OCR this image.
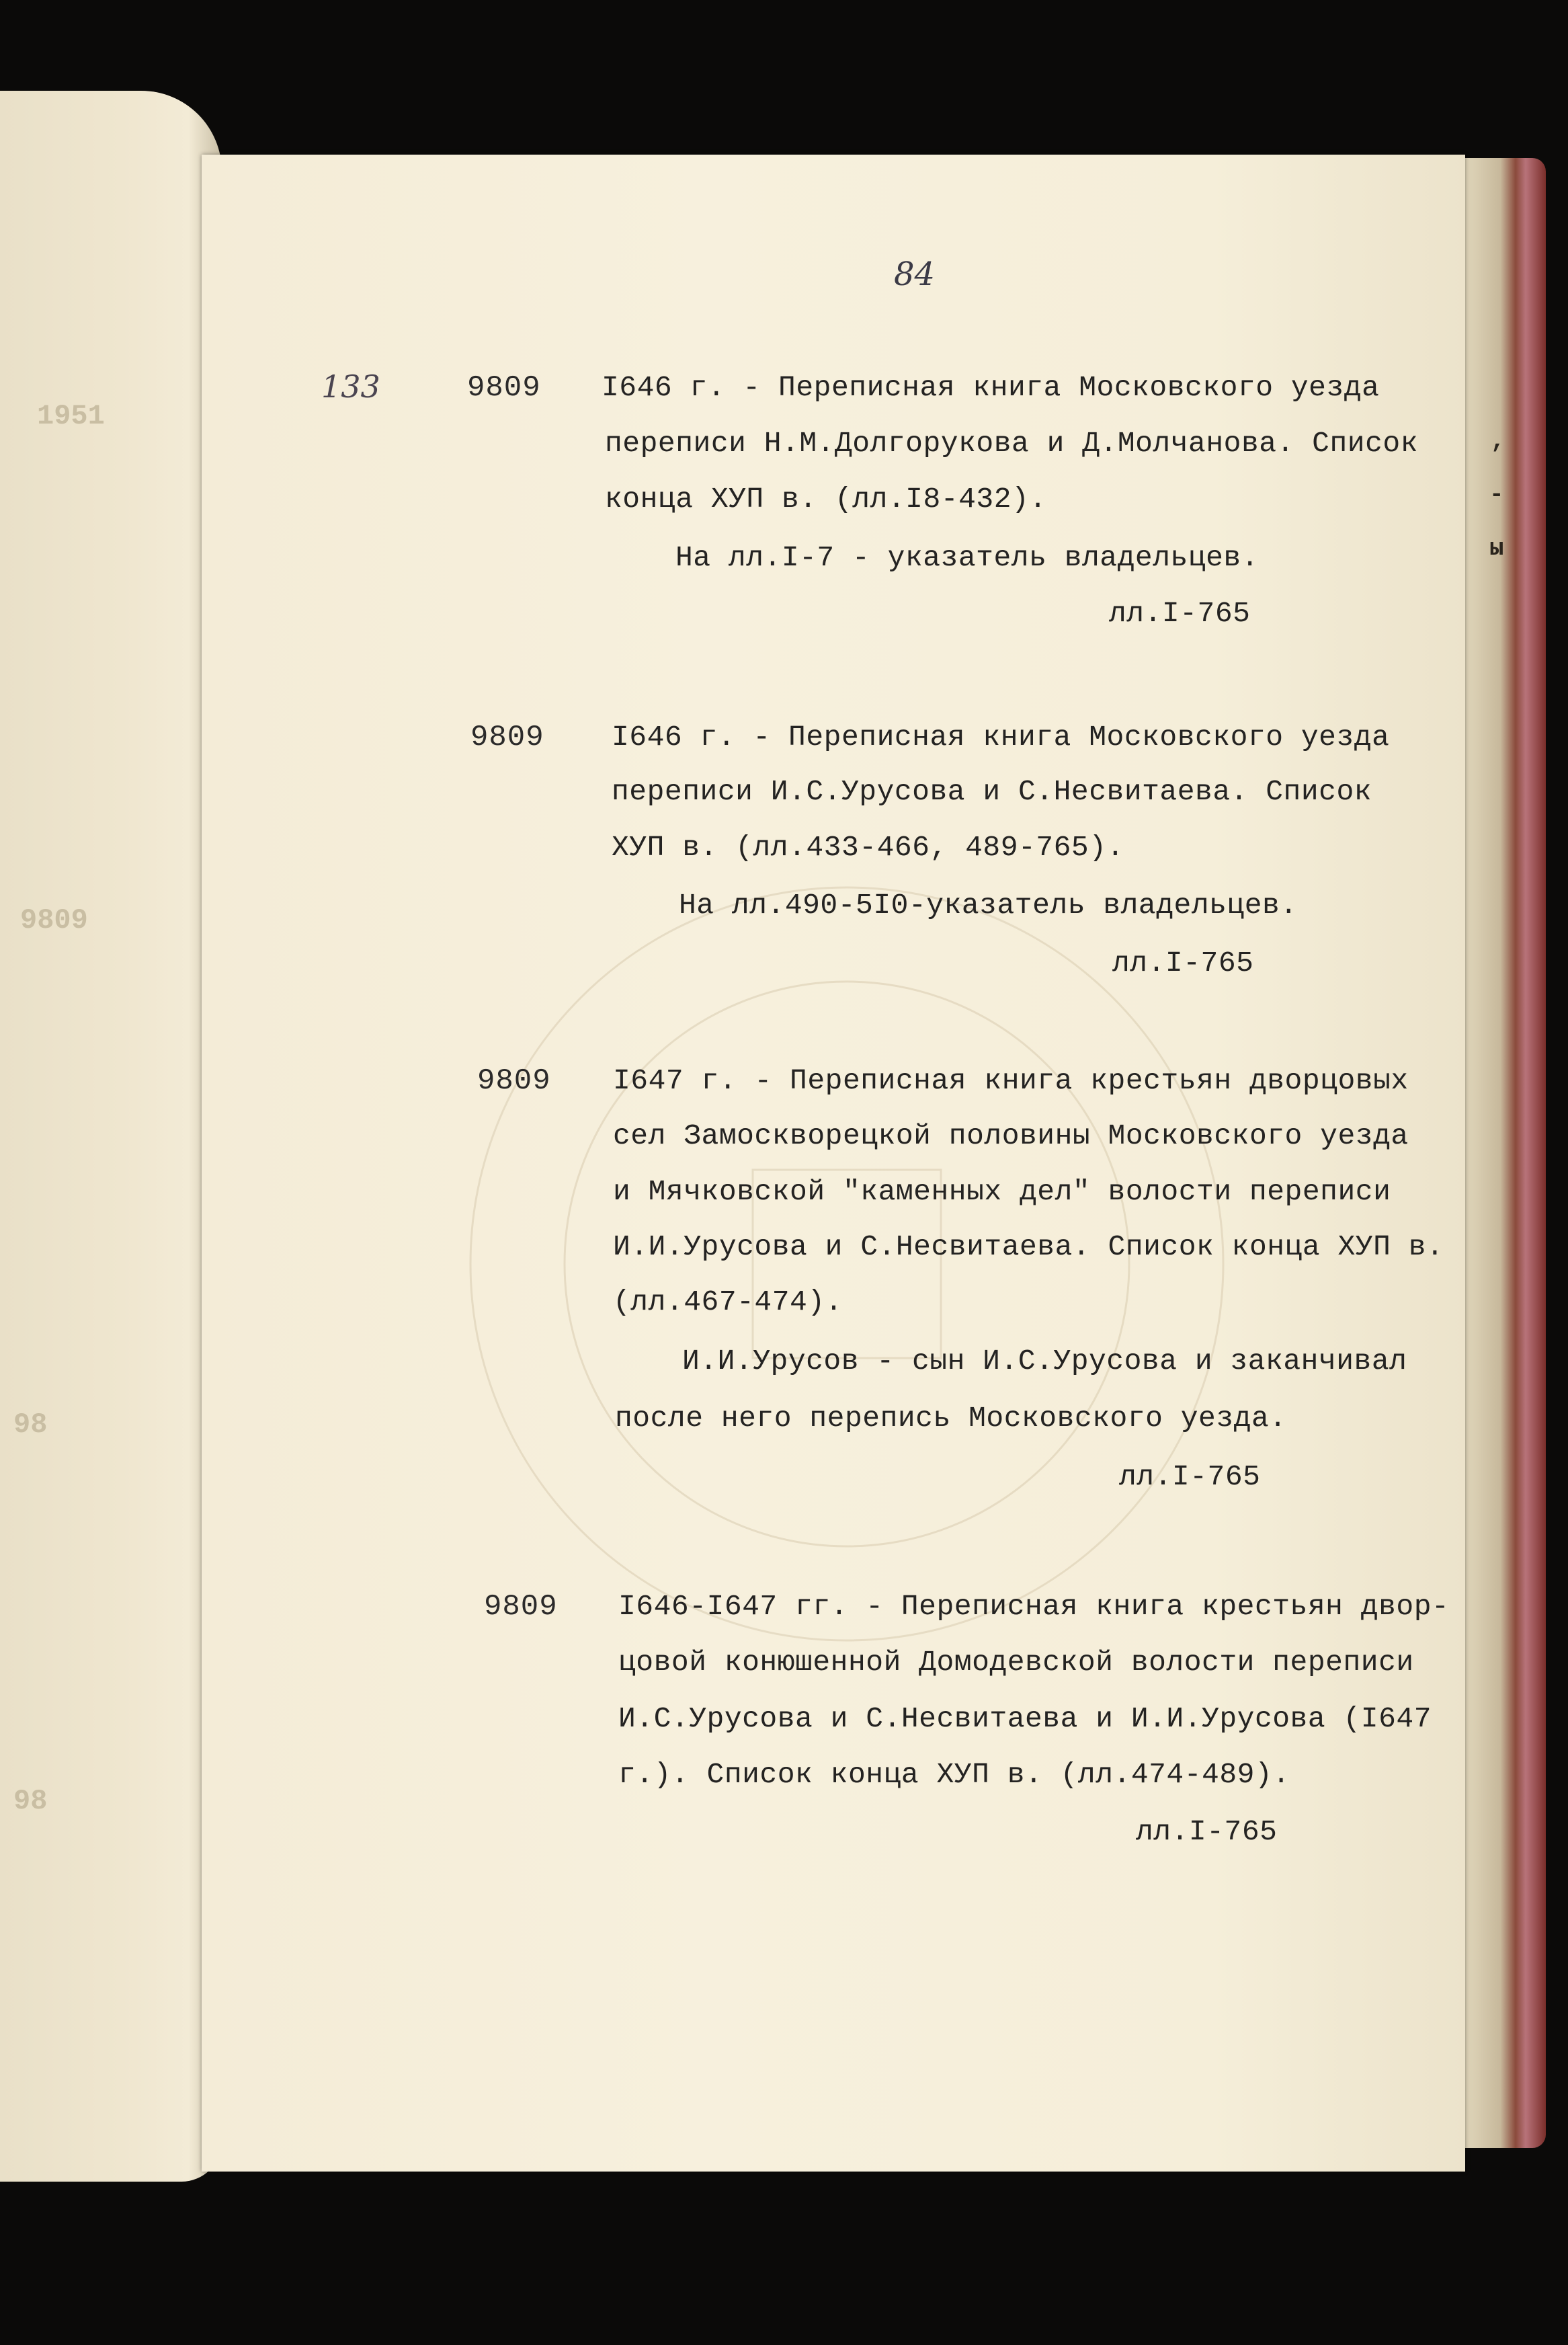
1951
9809
98
98
,
-
ы
84
133	9809 I646 г. - Переписная книга Московского уезда
переписи Н.М.Долгорукова и Д.Молчанова. Список
конца ХУП в. (лл.I8-432).
На лл.I-7 - указатель владельцев.
лл.I-765
9809 I646 г. - Переписная книга Московского уезда
переписи И.С.Урусова и С.Несвитаева. Список
ХУП в. (лл.433-466, 489-765).
На лл.490-5I0-указатель владельцев.
лл.I-765
9809 I647 г. - Переписная книга крестьян дворцовых
сел Замоскворецкой половины Московского уезда
и Мячковской "каменных дел" волости переписи
И.И.Урусова и С.Несвитаева. Список конца ХУП в.
(лл.467-474).
И.И.Урусов - сын И.С.Урусова и заканчивал
после него перепись Московского уезда.
лл.I-765
9809 I646-I647 гг. - Переписная книга крестьян двор-
цовой конюшенной Домодевской волости переписи
И.С.Урусова и С.Несвитаева и И.И.Урусова (I647
г.). Список конца ХУП в. (лл.474-489).
лл.I-765
